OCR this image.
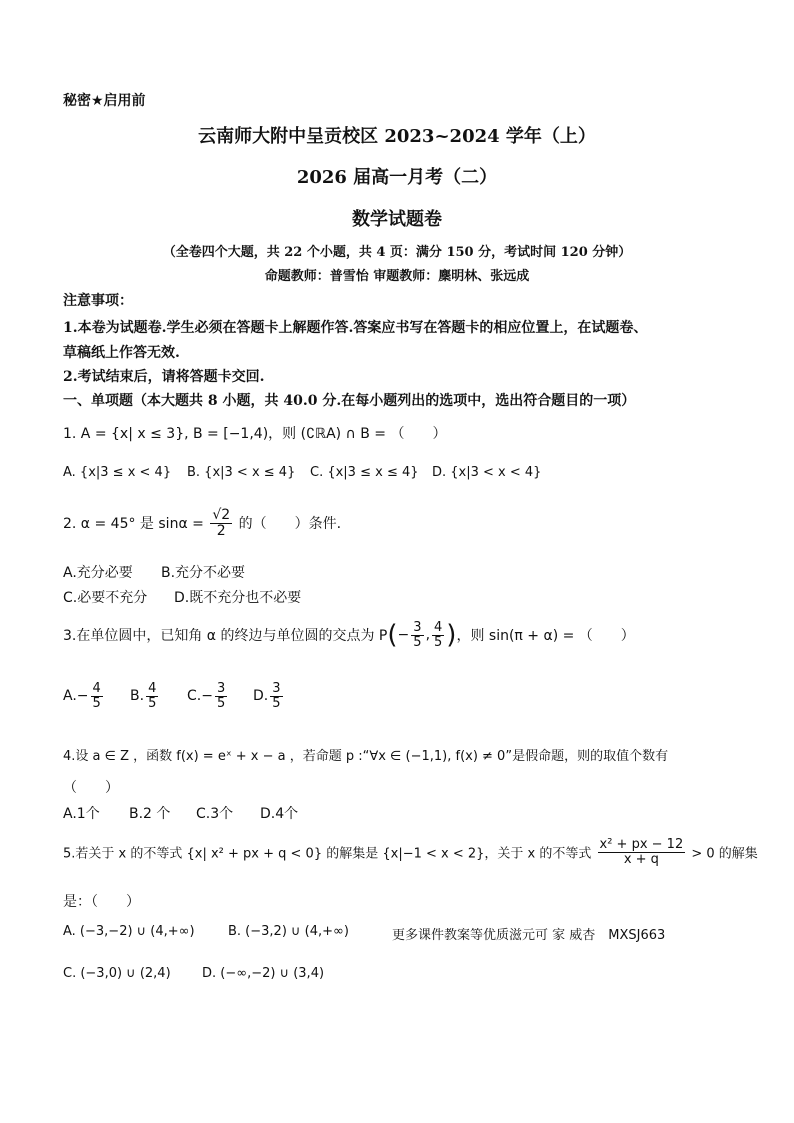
秘密★启用前
云南师大附中呈贡校区 2023~2024 学年（上）
2026 届高一月考（二）
数学试题卷
（全卷四个大题，共 22 个小题，共 4 页：满分 150 分，考试时间 120 分钟）
命题教师：普雪怡 审题教师：麇明林、张远成
注意事项：
1.本卷为试题卷.学生必须在答题卡上解题作答.答案应书写在答题卡的相应位置上，在试题卷、
草稿纸上作答无效.
2.考试结束后，请将答题卡交回.
一、单项题（本大题共 8 小题，共 40.0 分.在每小题列出的选项中，选出符合题目的一项）
1. A = {x| x ≤ 3}, B = [−1,4)，则 (∁ℝA) ∩ B = （　　）
A. {x|3 ≤ x < 4} B. {x|3 < x ≤ 4} C. {x|3 ≤ x ≤ 4} D. {x|3 < x < 4}
2. α = 45° 是 $\sin\alpha = \frac{√2}{2}$ 的（　　）条件.
A.充分必要 B.充分不必要
C.必要不充分 D.既不充分也不必要
3.在单位圆中，已知角 α 的终边与单位圆的交点为 $P(- \frac{3}{5}$ , $\frac{4}{5}$ )，则 sin(π + α) = （　　）
$A.- \frac{4}{5} B$. $\frac{4}{5} C.- \frac{3}{5} D$. $\frac{3}{5}$
4.设 a ∈ Z ，函数 f(x) = eˣ + x − a ，若命题 p :“∀x ∈ (−1,1), f(x) ≠ 0”是假命题，则的取值个数有
（　　）
A.1个 B.2 个 C.3个 D.4个
5.若关于 x 的不等式 {x| x² + px + q < 0} 的解集是 {x|−1 < x < 2}，关于 x 的不等式 $\frac{\text{x² + px − 12}}{x + q} > 0$ 的解集
是：（　　）
A. (−3,−2) ∪ (4,+∞)	B. (−3,2) ∪ (4,+∞)	更多课件教案等优质滋元可 家 威杏　MXSJ663
C. (−3,0) ∪ (2,4) D. (−∞,−2) ∪ (3,4)
